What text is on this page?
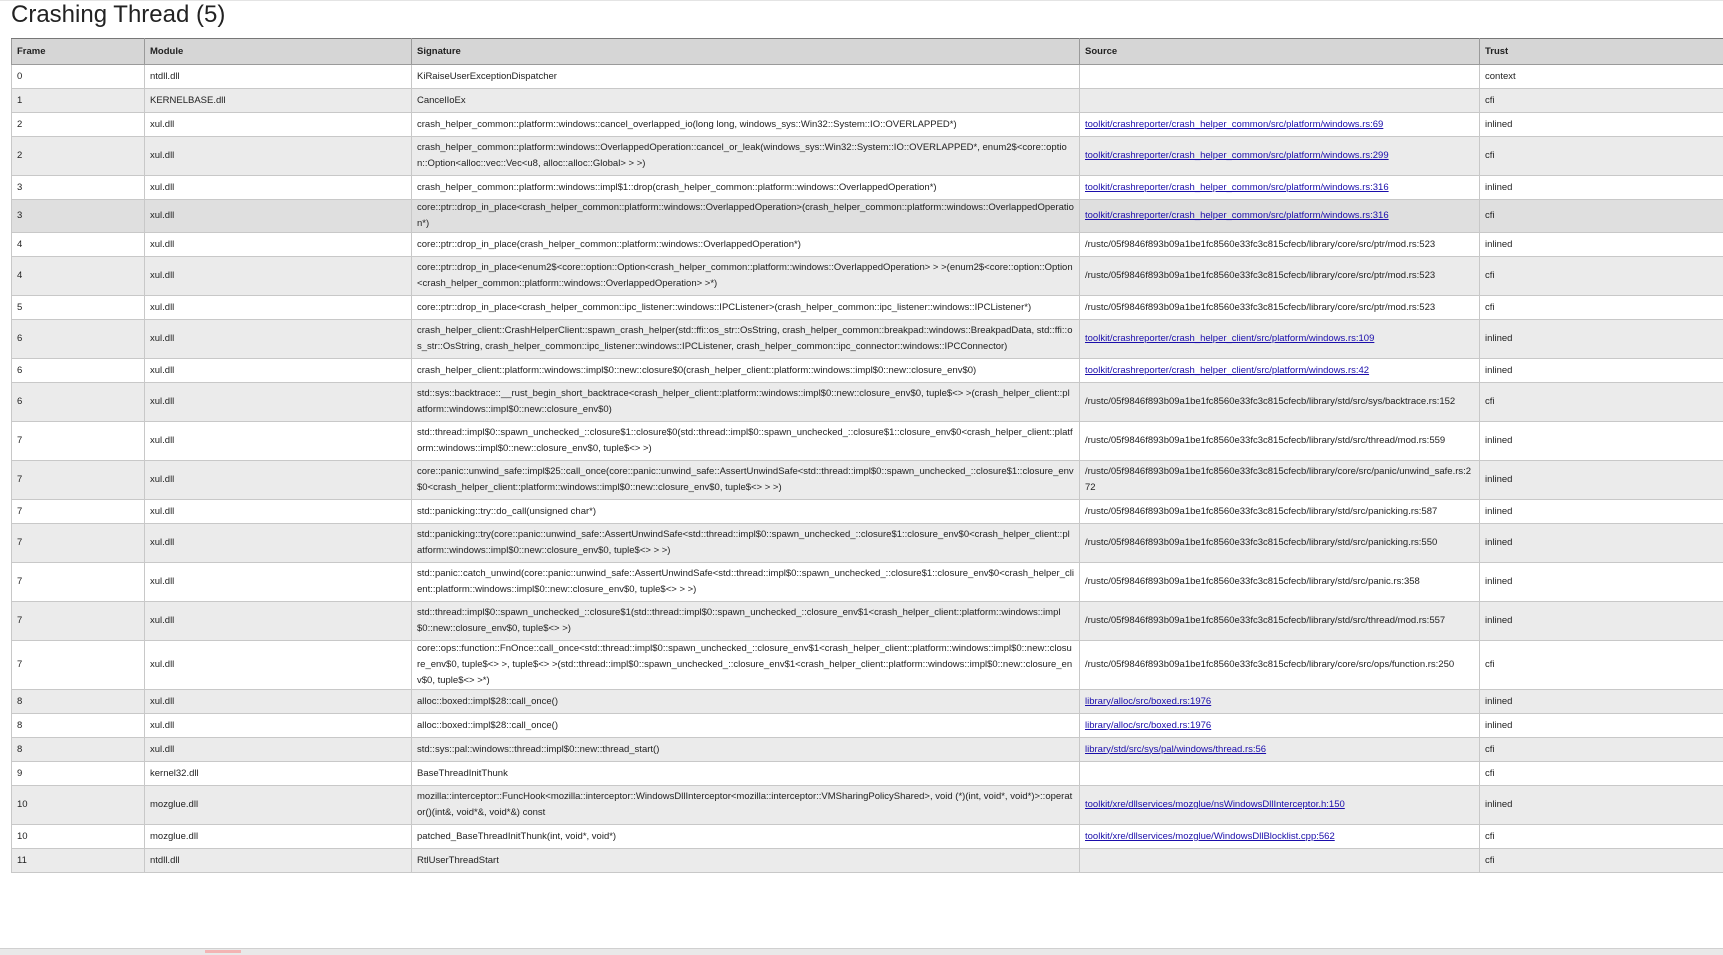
Crashing Thread (5)
Frame	Module	Signature	Source	Trust
0	ntdll.dll	KiRaiseUserExceptionDispatcher		context
1	KERNELBASE.dll	CancelIoEx		cfi
2	xul.dll	crash_helper_common::platform::windows::cancel_overlapped_io(long long, windows_sys::Win32::System::IO::OVERLAPPED*)	toolkit/crashreporter/crash_helper_common/src/platform/windows.rs:69	inlined
2	xul.dll	crash_helper_common::platform::windows::OverlappedOperation::cancel_or_leak(windows_sys::Win32::System::IO::OVERLAPPED*, enum2$<core::option::Option<alloc::vec::Vec<u8, alloc::alloc::Global> > >)	toolkit/crashreporter/crash_helper_common/src/platform/windows.rs:299	cfi
3	xul.dll	crash_helper_common::platform::windows::impl$1::drop(crash_helper_common::platform::windows::OverlappedOperation*)	toolkit/crashreporter/crash_helper_common/src/platform/windows.rs:316	inlined
3	xul.dll	core::ptr::drop_in_place<crash_helper_common::platform::windows::OverlappedOperation>(crash_helper_common::platform::windows::OverlappedOperation*)	toolkit/crashreporter/crash_helper_common/src/platform/windows.rs:316	cfi
4	xul.dll	core::ptr::drop_in_place(crash_helper_common::platform::windows::OverlappedOperation*)	/rustc/05f9846f893b09a1be1fc8560e33fc3c815cfecb/library/core/src/ptr/mod.rs:523	inlined
4	xul.dll	core::ptr::drop_in_place<enum2$<core::option::Option<crash_helper_common::platform::windows::OverlappedOperation> > >(enum2$<core::option::Option<crash_helper_common::platform::windows::OverlappedOperation> >*)	/rustc/05f9846f893b09a1be1fc8560e33fc3c815cfecb/library/core/src/ptr/mod.rs:523	cfi
5	xul.dll	core::ptr::drop_in_place<crash_helper_common::ipc_listener::windows::IPCListener>(crash_helper_common::ipc_listener::windows::IPCListener*)	/rustc/05f9846f893b09a1be1fc8560e33fc3c815cfecb/library/core/src/ptr/mod.rs:523	cfi
6	xul.dll	crash_helper_client::CrashHelperClient::spawn_crash_helper(std::ffi::os_str::OsString, crash_helper_common::breakpad::windows::BreakpadData, std::ffi::os_str::OsString, crash_helper_common::ipc_listener::windows::IPCListener, crash_helper_common::ipc_connector::windows::IPCConnector)	toolkit/crashreporter/crash_helper_client/src/platform/windows.rs:109	inlined
6	xul.dll	crash_helper_client::platform::windows::impl$0::new::closure$0(crash_helper_client::platform::windows::impl$0::new::closure_env$0)	toolkit/crashreporter/crash_helper_client/src/platform/windows.rs:42	inlined
6	xul.dll	std::sys::backtrace::__rust_begin_short_backtrace<crash_helper_client::platform::windows::impl$0::new::closure_env$0, tuple$<> >(crash_helper_client::platform::windows::impl$0::new::closure_env$0)	/rustc/05f9846f893b09a1be1fc8560e33fc3c815cfecb/library/std/src/sys/backtrace.rs:152	cfi
7	xul.dll	std::thread::impl$0::spawn_unchecked_::closure$1::closure$0(std::thread::impl$0::spawn_unchecked_::closure$1::closure_env$0<crash_helper_client::platform::windows::impl$0::new::closure_env$0, tuple$<> >)	/rustc/05f9846f893b09a1be1fc8560e33fc3c815cfecb/library/std/src/thread/mod.rs:559	inlined
7	xul.dll	core::panic::unwind_safe::impl$25::call_once(core::panic::unwind_safe::AssertUnwindSafe<std::thread::impl$0::spawn_unchecked_::closure$1::closure_env$0<crash_helper_client::platform::windows::impl$0::new::closure_env$0, tuple$<> > >)	/rustc/05f9846f893b09a1be1fc8560e33fc3c815cfecb/library/core/src/panic/unwind_safe.rs:272	inlined
7	xul.dll	std::panicking::try::do_call(unsigned char*)	/rustc/05f9846f893b09a1be1fc8560e33fc3c815cfecb/library/std/src/panicking.rs:587	inlined
7	xul.dll	std::panicking::try(core::panic::unwind_safe::AssertUnwindSafe<std::thread::impl$0::spawn_unchecked_::closure$1::closure_env$0<crash_helper_client::platform::windows::impl$0::new::closure_env$0, tuple$<> > >)	/rustc/05f9846f893b09a1be1fc8560e33fc3c815cfecb/library/std/src/panicking.rs:550	inlined
7	xul.dll	std::panic::catch_unwind(core::panic::unwind_safe::AssertUnwindSafe<std::thread::impl$0::spawn_unchecked_::closure$1::closure_env$0<crash_helper_client::platform::windows::impl$0::new::closure_env$0, tuple$<> > >)	/rustc/05f9846f893b09a1be1fc8560e33fc3c815cfecb/library/std/src/panic.rs:358	inlined
7	xul.dll	std::thread::impl$0::spawn_unchecked_::closure$1(std::thread::impl$0::spawn_unchecked_::closure_env$1<crash_helper_client::platform::windows::impl$0::new::closure_env$0, tuple$<> >)	/rustc/05f9846f893b09a1be1fc8560e33fc3c815cfecb/library/std/src/thread/mod.rs:557	inlined
7	xul.dll	core::ops::function::FnOnce::call_once<std::thread::impl$0::spawn_unchecked_::closure_env$1<crash_helper_client::platform::windows::impl$0::new::closure_env$0, tuple$<> >, tuple$<> >(std::thread::impl$0::spawn_unchecked_::closure_env$1<crash_helper_client::platform::windows::impl$0::new::closure_env$0, tuple$<> >*)	/rustc/05f9846f893b09a1be1fc8560e33fc3c815cfecb/library/core/src/ops/function.rs:250	cfi
8	xul.dll	alloc::boxed::impl$28::call_once()	library/alloc/src/boxed.rs:1976	inlined
8	xul.dll	alloc::boxed::impl$28::call_once()	library/alloc/src/boxed.rs:1976	inlined
8	xul.dll	std::sys::pal::windows::thread::impl$0::new::thread_start()	library/std/src/sys/pal/windows/thread.rs:56	cfi
9	kernel32.dll	BaseThreadInitThunk		cfi
10	mozglue.dll	mozilla::interceptor::FuncHook<mozilla::interceptor::WindowsDllInterceptor<mozilla::interceptor::VMSharingPolicyShared>, void (*)(int, void*, void*)>::operator()(int&, void*&, void*&) const	toolkit/xre/dllservices/mozglue/nsWindowsDllInterceptor.h:150	inlined
10	mozglue.dll	patched_BaseThreadInitThunk(int, void*, void*)	toolkit/xre/dllservices/mozglue/WindowsDllBlocklist.cpp:562	cfi
11	ntdll.dll	RtlUserThreadStart		cfi
